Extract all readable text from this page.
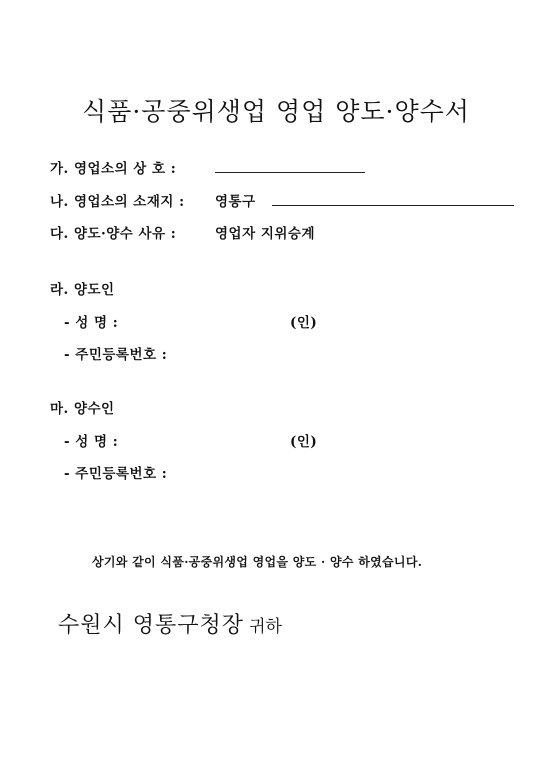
식품·공중위생업 영업 양도·양수서
가. 영업소의 상 호 :
나. 영업소의 소재지 : 영통구
다. 양도·양수 사유 :	영업자 지위승계
라. 양도인
- 성 명 :	(인)
- 주민등록번호 :
마. 양수인
- 성 명 :	(인)
- 주민등록번호 :
상기와 같이 식품·공중위생업 영업을 양도 · 양수 하였습니다.
수원시 영통구청장 귀하
